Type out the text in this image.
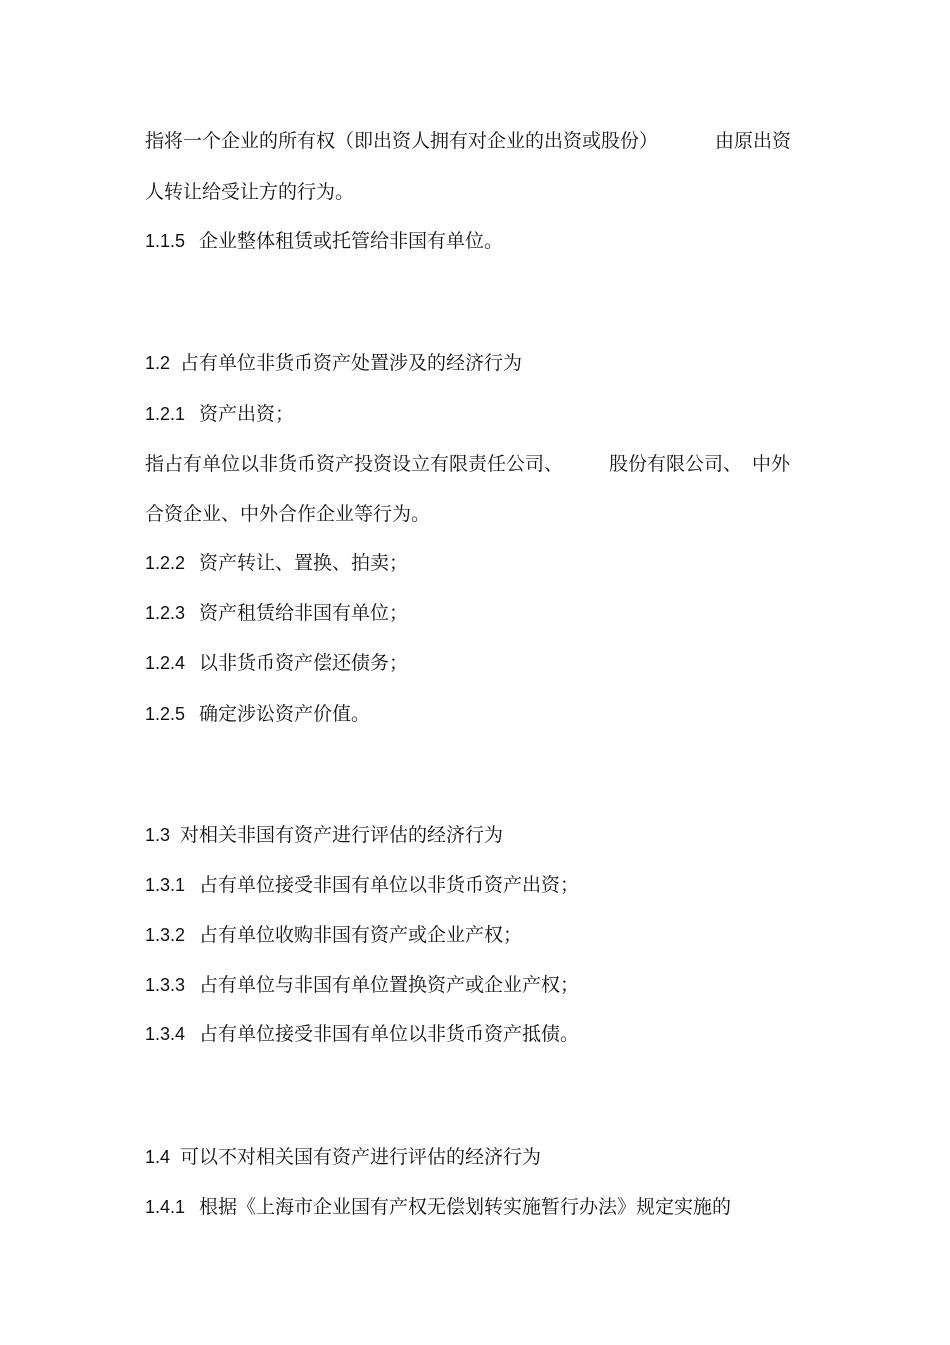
指将一个企业的所有权（即出资人拥有对企业的出资或股份）	由原出资
人转让给受让方的行为。
1.1.5 企业整体租赁或托管给非国有单位。
1.2 占有单位非货币资产处置涉及的经济行为
1.2.1 资产出资；
指占有单位以非货币资产投资设立有限责任公司、 股份有限公司、 中外
合资企业、中外合作企业等行为。
1.2.2 资产转让、置换、拍卖；
1.2.3 资产租赁给非国有单位；
1.2.4 以非货币资产偿还债务；
1.2.5 确定涉讼资产价值。
1.3 对相关非国有资产进行评估的经济行为
1.3.1 占有单位接受非国有单位以非货币资产出资；
1.3.2 占有单位收购非国有资产或企业产权；
1.3.3 占有单位与非国有单位置换资产或企业产权；
1.3.4 占有单位接受非国有单位以非货币资产抵债。
1.4 可以不对相关国有资产进行评估的经济行为
1.4.1 根据《上海市企业国有产权无偿划转实施暂行办法》规定实施的
